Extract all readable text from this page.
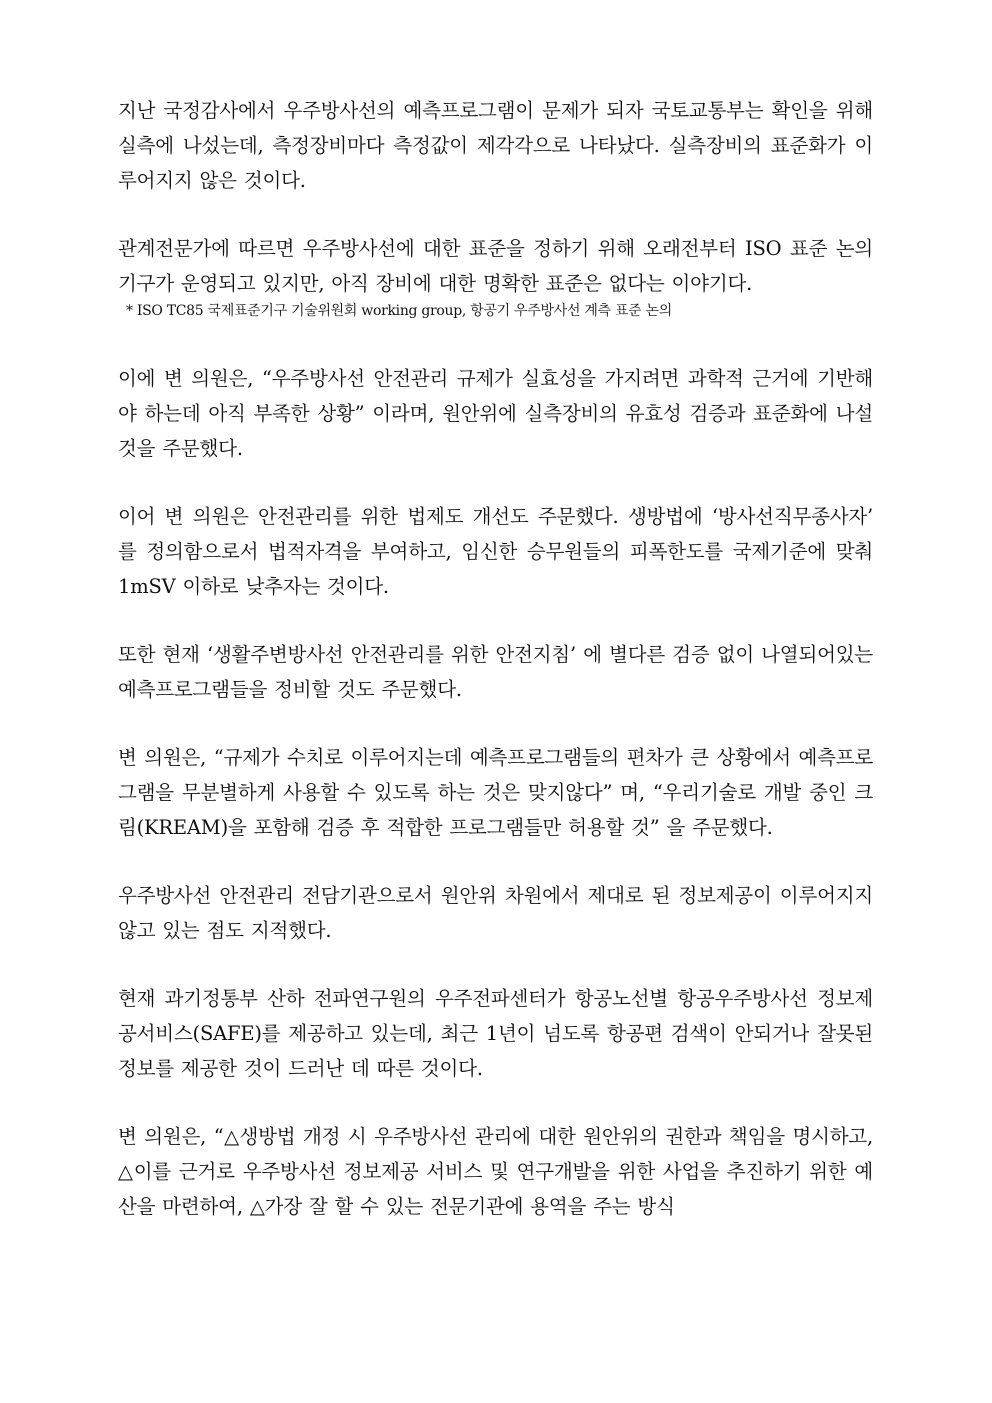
지난 국정감사에서 우주방사선의 예측프로그램이 문제가 되자 국토교통부는 확인을 위해 실측에 나섰는데, 측정장비마다 측정값이 제각각으로 나타났다. 실측장비의 표준화가 이루어지지 않은 것이다.

관계전문가에 따르면 우주방사선에 대한 표준을 정하기 위해 오래전부터 ISO 표준 논의기구가 운영되고 있지만, 아직 장비에 대한 명확한 표준은 없다는 이야기다.

* ISO TC85 국제표준기구 기술위원회 working group, 항공기 우주방사선 계측 표준 논의

이에 변 의원은, “우주방사선 안전관리 규제가 실효성을 가지려면 과학적 근거에 기반해야 하는데 아직 부족한 상황” 이라며, 원안위에 실측장비의 유효성 검증과 표준화에 나설 것을 주문했다.

이어 변 의원은 안전관리를 위한 법제도 개선도 주문했다. 생방법에 ‘방사선직무종사자’ 를 정의함으로서 법적자격을 부여하고, 임신한 승무원들의 피폭한도를 국제기준에 맞춰 1mSV 이하로 낮추자는 것이다.

또한 현재 ‘생활주변방사선 안전관리를 위한 안전지침’ 에 별다른 검증 없이 나열되어있는 예측프로그램들을 정비할 것도 주문했다.

변 의원은, “규제가 수치로 이루어지는데 예측프로그램들의 편차가 큰 상황에서 예측프로그램을 무분별하게 사용할 수 있도록 하는 것은 맞지않다” 며, “우리기술로 개발 중인 크림(KREAM)을 포함해 검증 후 적합한 프로그램들만 허용할 것” 을 주문했다.

우주방사선 안전관리 전담기관으로서 원안위 차원에서 제대로 된 정보제공이 이루어지지 않고 있는 점도 지적했다.

현재 과기정통부 산하 전파연구원의 우주전파센터가 항공노선별 항공우주방사선 정보제공서비스(SAFE)를 제공하고 있는데, 최근 1년이 넘도록 항공편 검색이 안되거나 잘못된 정보를 제공한 것이 드러난 데 따른 것이다.

변 의원은, “△생방법 개정 시 우주방사선 관리에 대한 원안위의 권한과 책임을 명시하고, △이를 근거로 우주방사선 정보제공 서비스 및 연구개발을 위한 사업을 추진하기 위한 예산을 마련하여, △가장 잘 할 수 있는 전문기관에 용역을 주는 방식
